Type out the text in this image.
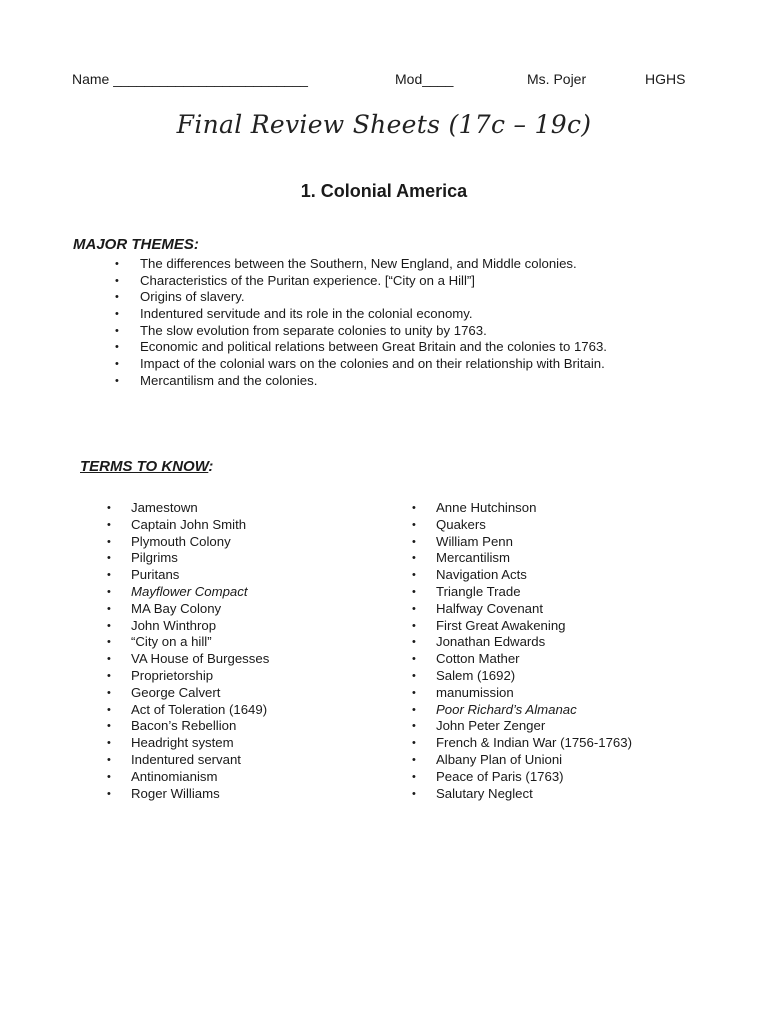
Name _________________________	Mod____	Ms. Pojer	HGHS
Final Review Sheets (17c – 19c)
1. Colonial America
MAJOR THEMES:
• The differences between the Southern, New England, and Middle colonies.
• Characteristics of the Puritan experience. [“City on a Hill”]
• Origins of slavery.
• Indentured servitude and its role in the colonial economy.
• The slow evolution from separate colonies to unity by 1763.
• Economic and political relations between Great Britain and the colonies to 1763.
• Impact of the colonial wars on the colonies and on their relationship with Britain.
• Mercantilism and the colonies.
TERMS TO KNOW:
• Jamestown
• Captain John Smith
• Plymouth Colony
• Pilgrims
• Puritans
• Mayflower Compact
• MA Bay Colony
• John Winthrop
• “City on a hill”
• VA House of Burgesses
• Proprietorship
• George Calvert
• Act of Toleration (1649)
• Bacon’s Rebellion
• Headright system
• Indentured servant
• Antinomianism
• Roger Williams
• Anne Hutchinson
• Quakers
• William Penn
• Mercantilism
• Navigation Acts
• Triangle Trade
• Halfway Covenant
• First Great Awakening
• Jonathan Edwards
• Cotton Mather
• Salem (1692)
• manumission
• Poor Richard’s Almanac
• John Peter Zenger
• French & Indian War (1756-1763)
• Albany Plan of Unioni
• Peace of Paris (1763)
• Salutary Neglect
